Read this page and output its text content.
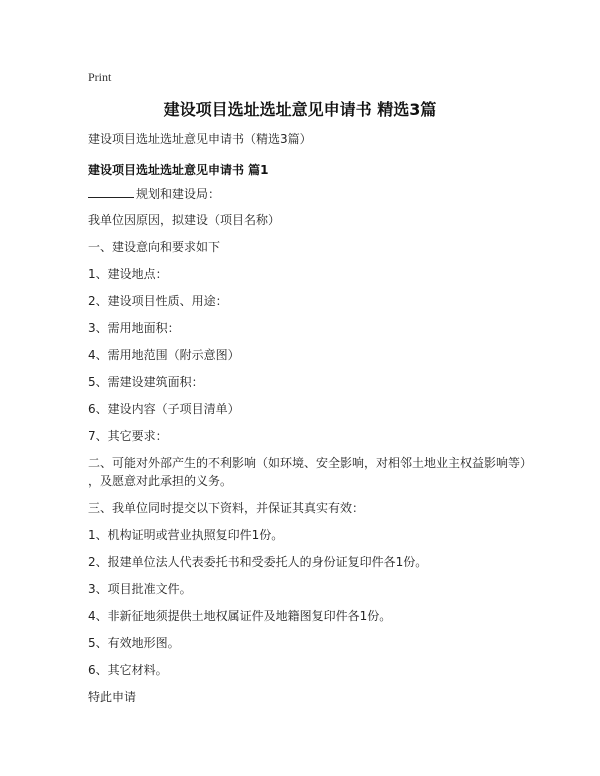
Print
建设项目选址选址意见申请书 精选3篇
建设项目选址选址意见申请书（精选3篇）
建设项目选址选址意见申请书 篇1
规划和建设局：
我单位因原因，拟建设（项目名称）
一、建设意向和要求如下
1、建设地点：
2、建设项目性质、用途：
3、需用地面积：
4、需用地范围（附示意图）
5、需建设建筑面积：
6、建设内容（子项目清单）
7、其它要求：
二、可能对外部产生的不利影响（如环境、安全影响，对相邻土地业主权益影响等）
，及愿意对此承担的义务。
三、我单位同时提交以下资料，并保证其真实有效：
1、机构证明或营业执照复印件1份。
2、报建单位法人代表委托书和受委托人的身份证复印件各1份。
3、项目批准文件。
4、非新征地须提供土地权属证件及地籍图复印件各1份。
5、有效地形图。
6、其它材料。
特此申请
